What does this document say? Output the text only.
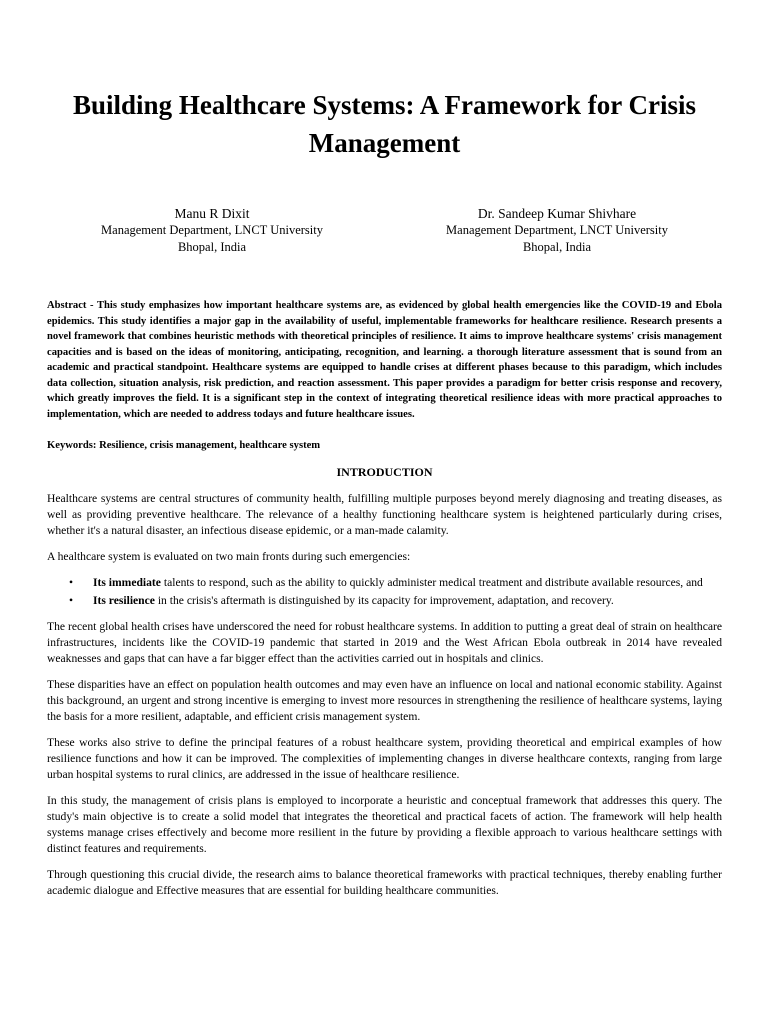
Building Healthcare Systems: A Framework for Crisis Management
Manu R Dixit
Management Department, LNCT University
Bhopal, India
Dr. Sandeep Kumar Shivhare
Management Department, LNCT University
Bhopal, India
Abstract - This study emphasizes how important healthcare systems are, as evidenced by global health emergencies like the COVID-19 and Ebola epidemics. This study identifies a major gap in the availability of useful, implementable frameworks for healthcare resilience. Research presents a novel framework that combines heuristic methods with theoretical principles of resilience. It aims to improve healthcare systems' crisis management capacities and is based on the ideas of monitoring, anticipating, recognition, and learning. a thorough literature assessment that is sound from an academic and practical standpoint. Healthcare systems are equipped to handle crises at different phases because to this paradigm, which includes data collection, situation analysis, risk prediction, and reaction assessment. This paper provides a paradigm for better crisis response and recovery, which greatly improves the field. It is a significant step in the context of integrating theoretical resilience ideas with more practical approaches to implementation, which are needed to address todays and future healthcare issues.
Keywords: Resilience, crisis management, healthcare system
INTRODUCTION

Healthcare systems are central structures of community health, fulfilling multiple purposes beyond merely diagnosing and treating diseases, as well as providing preventive healthcare. The relevance of a healthy functioning healthcare system is heightened particularly during crises, whether it's a natural disaster, an infectious disease epidemic, or a man-made calamity.

A healthcare system is evaluated on two main fronts during such emergencies:

• Its immediate talents to respond, such as the ability to quickly administer medical treatment and distribute available resources, and
• Its resilience in the crisis's aftermath is distinguished by its capacity for improvement, adaptation, and recovery.

The recent global health crises have underscored the need for robust healthcare systems. In addition to putting a great deal of strain on healthcare infrastructures, incidents like the COVID-19 pandemic that started in 2019 and the West African Ebola outbreak in 2014 have revealed weaknesses and gaps that can have a far bigger effect than the activities carried out in hospitals and clinics.

These disparities have an effect on population health outcomes and may even have an influence on local and national economic stability. Against this background, an urgent and strong incentive is emerging to invest more resources in strengthening the resilience of healthcare systems, laying the basis for a more resilient, adaptable, and efficient crisis management system.

These works also strive to define the principal features of a robust healthcare system, providing theoretical and empirical examples of how resilience functions and how it can be improved. The complexities of implementing changes in diverse healthcare contexts, ranging from large urban hospital systems to rural clinics, are addressed in the issue of healthcare resilience.

In this study, the management of crisis plans is employed to incorporate a heuristic and conceptual framework that addresses this query. The study's main objective is to create a solid model that integrates the theoretical and practical facets of action. The framework will help health systems manage crises effectively and become more resilient in the future by providing a flexible approach to various healthcare settings with distinct features and requirements.

Through questioning this crucial divide, the research aims to balance theoretical frameworks with practical techniques, thereby enabling further academic dialogue and Effective measures that are essential for building healthcare communities.
